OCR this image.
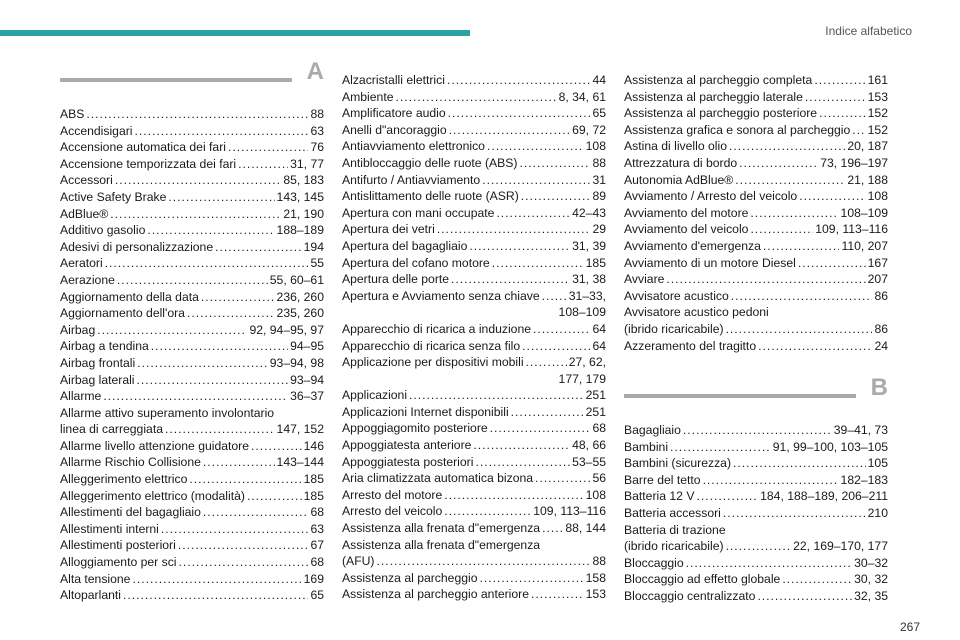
Indice alfabetico
A
ABS . . .	88
Accendisigari . . .	63
Accensione automatica dei fari . . .	76
Accensione temporizzata dei fari . . .	31, 77
Accessori . . .	85, 183
Active Safety Brake . . .	143, 145
AdBlue® . . .	21, 190
Additivo gasolio . . .	188–189
Adesivi di personalizzazione . . .	194
Aeratori . . .	55
Aerazione . . .	55, 60–61
Aggiornamento della data . . .	236, 260
Aggiornamento dell'ora . . .	235, 260
Airbag . . .	92, 94–95, 97
Airbag a tendina . . .	94–95
Airbag frontali . . .	93–94, 98
Airbag laterali . . .	93–94
Allarme . . .	36–37
Allarme attivo superamento involontario
linea di carreggiata . . .	147, 152
Allarme livello attenzione guidatore . . .	146
Allarme Rischio Collisione . . .	143–144
Alleggerimento elettrico . . .	185
Alleggerimento elettrico (modalità) . . .	185
Allestimenti del bagagliaio . . .	68
Allestimenti interni . . .	63
Allestimenti posteriori . . .	67
Alloggiamento per sci . . .	68
Alta tensione . . .	169
Altoparlanti . . .	65
Alzacristalli elettrici . . .	44
Ambiente . . .	8, 34, 61
Amplificatore audio . . .	65
Anelli d"ancoraggio . . .	69, 72
Antiavviamento elettronico . . .	108
Antibloccaggio delle ruote (ABS) . . .	88
Antifurto / Antiavviamento . . .	31
Antislittamento delle ruote (ASR) . . .	89
Apertura con mani occupate . . .	42–43
Apertura dei vetri . . .	29
Apertura del bagagliaio . . .	31, 39
Apertura del cofano motore . . .	185
Apertura delle porte . . .	31, 38
Apertura e Avviamento senza chiave . . . 31–33,
108–109
Apparecchio di ricarica a induzione . . .	64
Apparecchio di ricarica senza filo . . .	64
Applicazione per dispositivi mobili . . .	27, 62,
177, 179
Applicazioni . . .	251
Applicazioni Internet disponibili . . .	251
Appoggiagomito posteriore . . .	68
Appoggiatesta anteriore . . .	48, 66
Appoggiatesta posteriori . . .	53–55
Aria climatizzata automatica bizona . . .	56
Arresto del motore . . .	108
Arresto del veicolo . . .	109, 113–116
Assistenza alla frenata d"emergenza . . . 88, 144
Assistenza alla frenata d"emergenza
(AFU) . . .	88
Assistenza al parcheggio . . .	158
Assistenza al parcheggio anteriore . . .	153
Assistenza al parcheggio completa . . .	161
Assistenza al parcheggio laterale . . .	153
Assistenza al parcheggio posteriore . . .	152
Assistenza grafica e sonora al parcheggio . . . 152
Astina di livello olio . . .	20, 187
Attrezzatura di bordo . . .	73, 196–197
Autonomia AdBlue® . . .	21, 188
Avviamento / Arresto del veicolo . . .	108
Avviamento del motore . . .	108–109
Avviamento del veicolo . . .	109, 113–116
Avviamento d'emergenza . . .	110, 207
Avviamento di un motore Diesel . . .	167
Avviare . . .	207
Avvisatore acustico . . .	86
Avvisatore acustico pedoni
(ibrido ricaricabile) . . .	86
Azzeramento del tragitto . . .	24
B
Bagagliaio . . .	39–41, 73
Bambini . . .	91, 99–100, 103–105
Bambini (sicurezza) . . .	105
Barre del tetto . . .	182–183
Batteria 12 V . . .	184, 188–189, 206–211
Batteria accessori . . .	210
Batteria di trazione
(ibrido ricaricabile) . . .	22, 169–170, 177
Bloccaggio . . .	30–32
Bloccaggio ad effetto globale . . .	30, 32
Bloccaggio centralizzato . . .	32, 35
267
